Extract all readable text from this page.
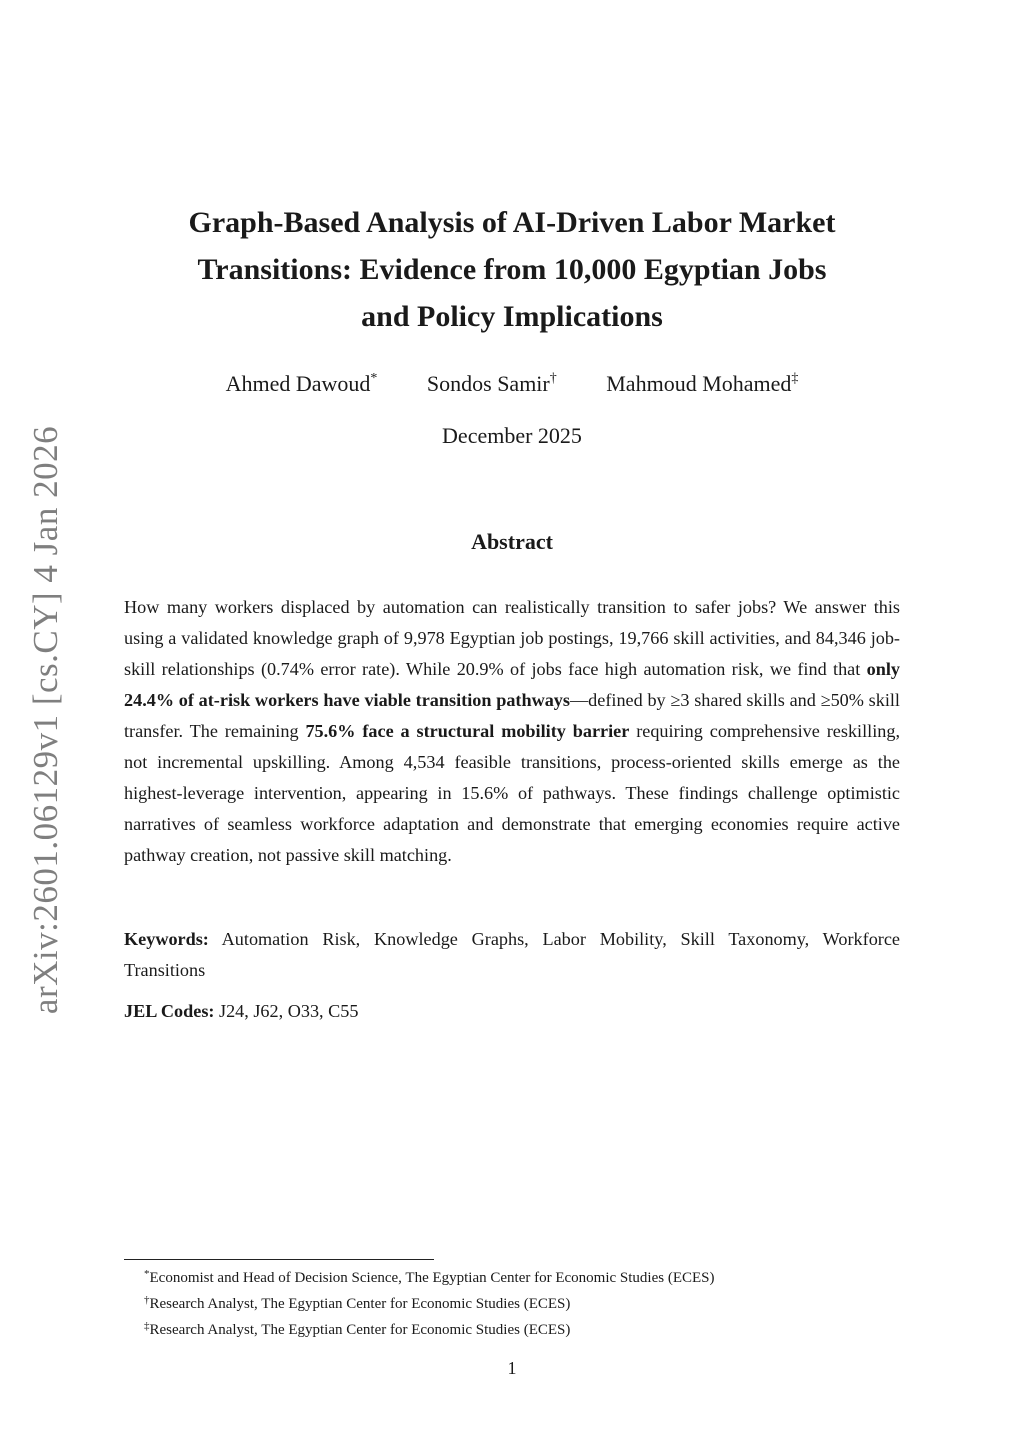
arXiv:2601.06129v1 [cs.CY] 4 Jan 2026
Graph-Based Analysis of AI-Driven Labor Market
Transitions: Evidence from 10,000 Egyptian Jobs
and Policy Implications
Ahmed Dawoud* Sondos Samir† Mahmoud Mohamed‡
December 2025
Abstract

How many workers displaced by automation can realistically transition to safer jobs? We answer this using a validated knowledge graph of 9,978 Egyptian job postings, 19,766 skill activities, and 84,346 job-skill relationships (0.74% error rate). While 20.9% of jobs face high automation risk, we find that only 24.4% of at-risk workers have viable transition pathways—defined by ≥3 shared skills and ≥50% skill transfer. The remaining 75.6% face a structural mobility barrier requiring comprehensive reskilling, not incremental upskilling. Among 4,534 feasible transitions, process-oriented skills emerge as the highest-leverage intervention, appearing in 15.6% of pathways. These findings challenge optimistic narratives of seamless workforce adaptation and demonstrate that emerging economies require active pathway creation, not passive skill matching.

Keywords: Automation Risk, Knowledge Graphs, Labor Mobility, Skill Taxonomy, Workforce Transitions

JEL Codes: J24, J62, O33, C55

*Economist and Head of Decision Science, The Egyptian Center for Economic Studies (ECES)
†Research Analyst, The Egyptian Center for Economic Studies (ECES)
‡Research Analyst, The Egyptian Center for Economic Studies (ECES)
1
